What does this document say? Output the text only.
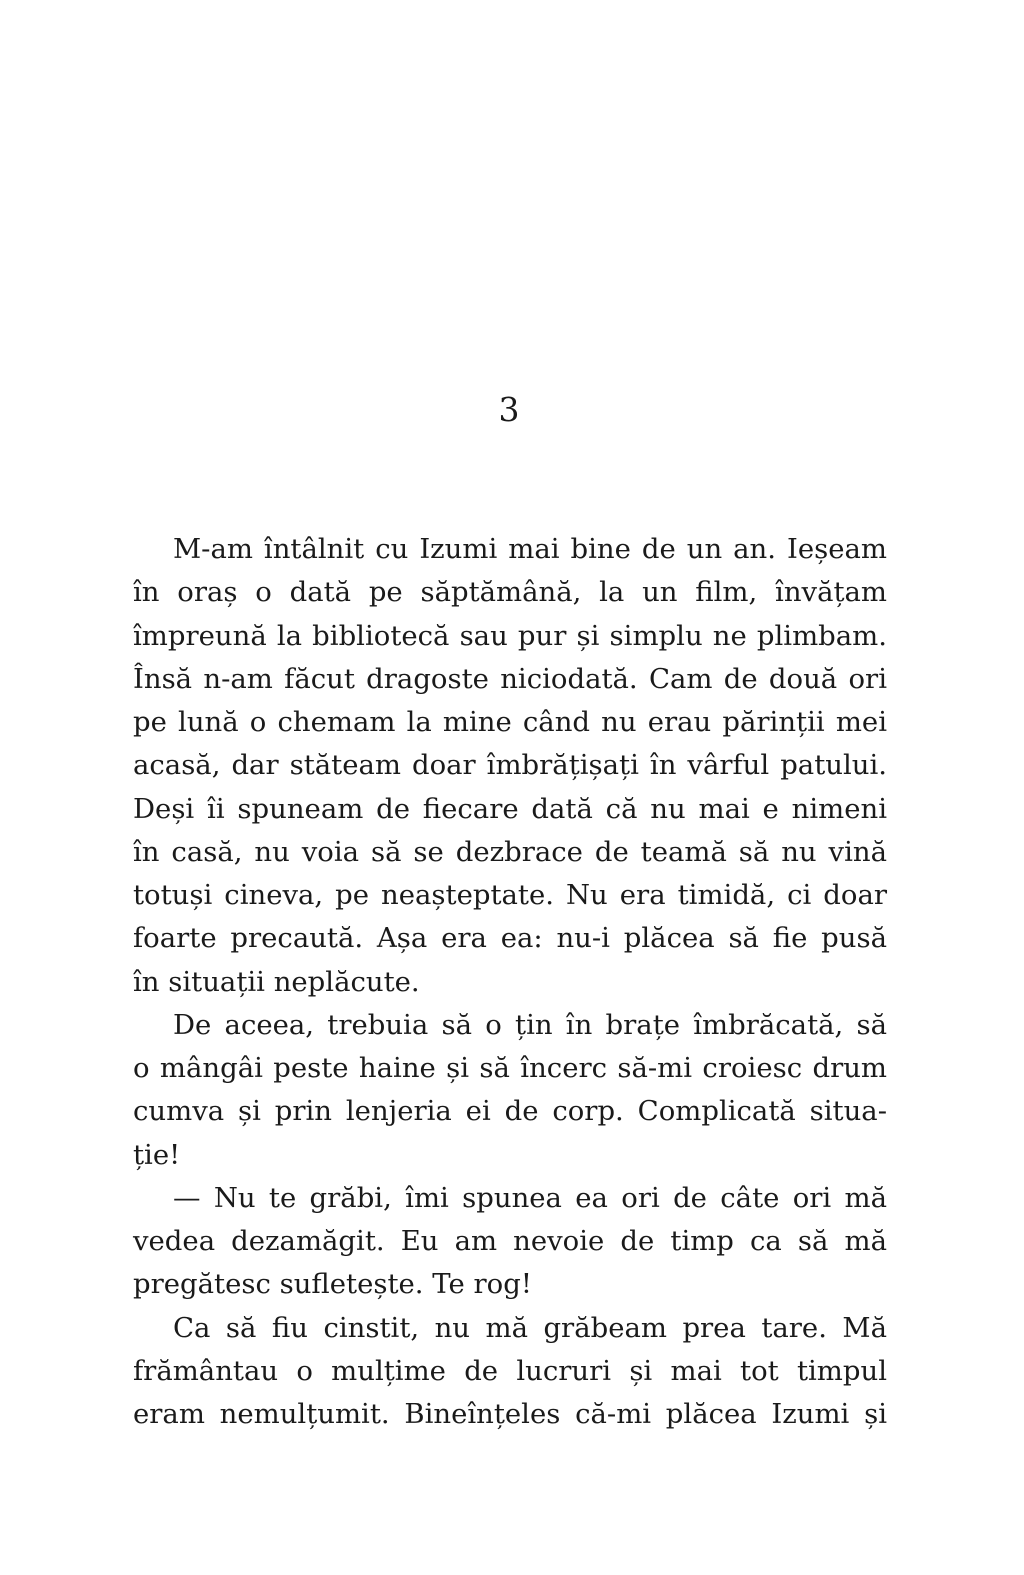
3
M-am întâlnit cu Izumi mai bine de un an. Ieșeam
în oraș o dată pe săptămână, la un film, învățam
împreună la bibliotecă sau pur și simplu ne plimbam.
Însă n-am făcut dragoste niciodată. Cam de două ori
pe lună o chemam la mine când nu erau părinții mei
acasă, dar stăteam doar îmbrățișați în vârful patului.
Deși îi spuneam de fiecare dată că nu mai e nimeni
în casă, nu voia să se dezbrace de teamă să nu vină
totuși cineva, pe neașteptate. Nu era timidă, ci doar
foarte precaută. Așa era ea: nu-i plăcea să fie pusă
în situații neplăcute.
De aceea, trebuia să o țin în brațe îmbrăcată, să
o mângâi peste haine și să încerc să-mi croiesc drum
cumva și prin lenjeria ei de corp. Complicată situa-
ție!
— Nu te grăbi, îmi spunea ea ori de câte ori mă
vedea dezamăgit. Eu am nevoie de timp ca să mă
pregătesc sufletește. Te rog!
Ca să fiu cinstit, nu mă grăbeam prea tare. Mă
frământau o mulțime de lucruri și mai tot timpul
eram nemulțumit. Bineînțeles că-mi plăcea Izumi și
